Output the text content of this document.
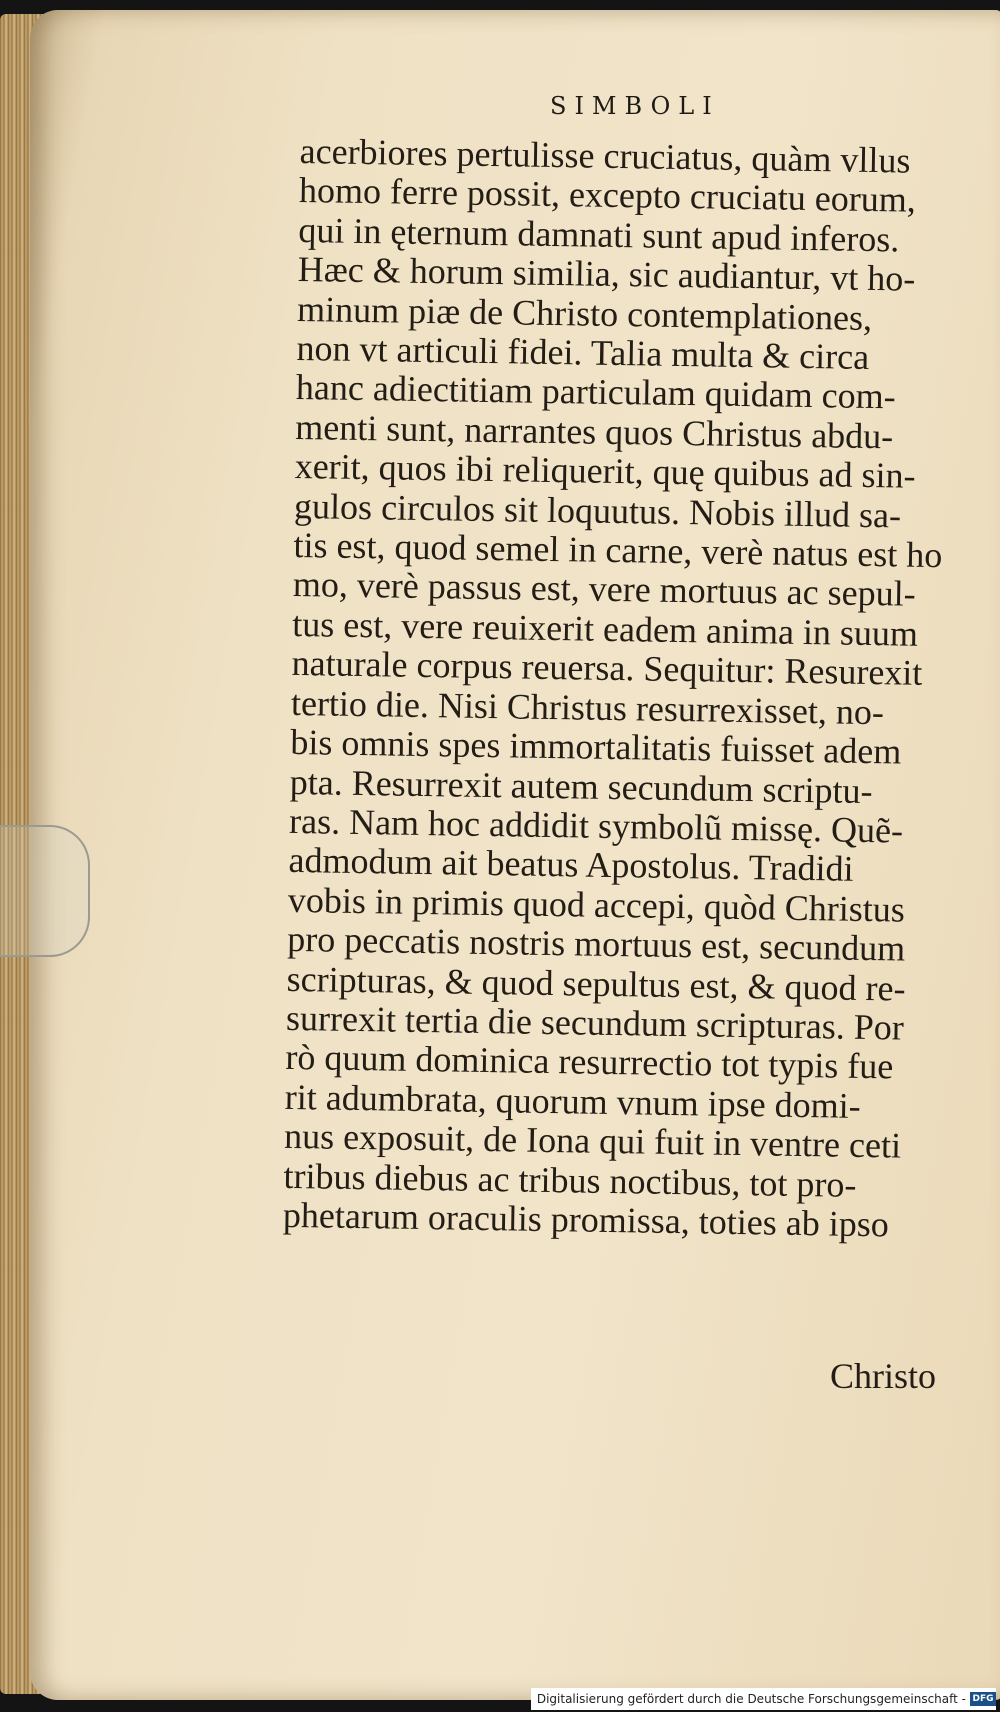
SIMBOLI

acerbiores pertulisse cruciatus, quàm vllus
homo ferre possit, excepto cruciatu eorum,
qui in ęternum damnati sunt apud inferos.
Hæc & horum similia, sic audiantur, vt ho-
minum piæ de Christo contemplationes,
non vt articuli fidei. Talia multa & circa
hanc adiectitiam particulam quidam com-
menti sunt, narrantes quos Christus abdu-
xerit, quos ibi reliquerit, quę quibus ad sin-
gulos circulos sit loquutus. Nobis illud sa-
tis est, quod semel in carne, verè natus est ho
mo, verè passus est, vere mortuus ac sepul-
tus est, vere reuixerit eadem anima in suum
naturale corpus reuersa. Sequitur: Resurexit
tertio die. Nisi Christus resurrexisset, no-
bis omnis spes immortalitatis fuisset adem
pta. Resurrexit autem secundum scriptu-
ras. Nam hoc addidit symbolũ missę. Quẽ-
admodum ait beatus Apostolus. Tradidi
vobis in primis quod accepi, quòd Christus
pro peccatis nostris mortuus est, secundum
scripturas, & quod sepultus est, & quod re-
surrexit tertia die secundum scripturas. Por
rò quum dominica resurrectio tot typis fue
rit adumbrata, quorum vnum ipse domi-
nus exposuit, de Iona qui fuit in ventre ceti
tribus diebus ac tribus noctibus, tot pro-
phetarum oraculis promissa, toties ab ipso

Christo

Digitalisierung gefördert durch die Deutsche Forschungsgemeinschaft - DFG
